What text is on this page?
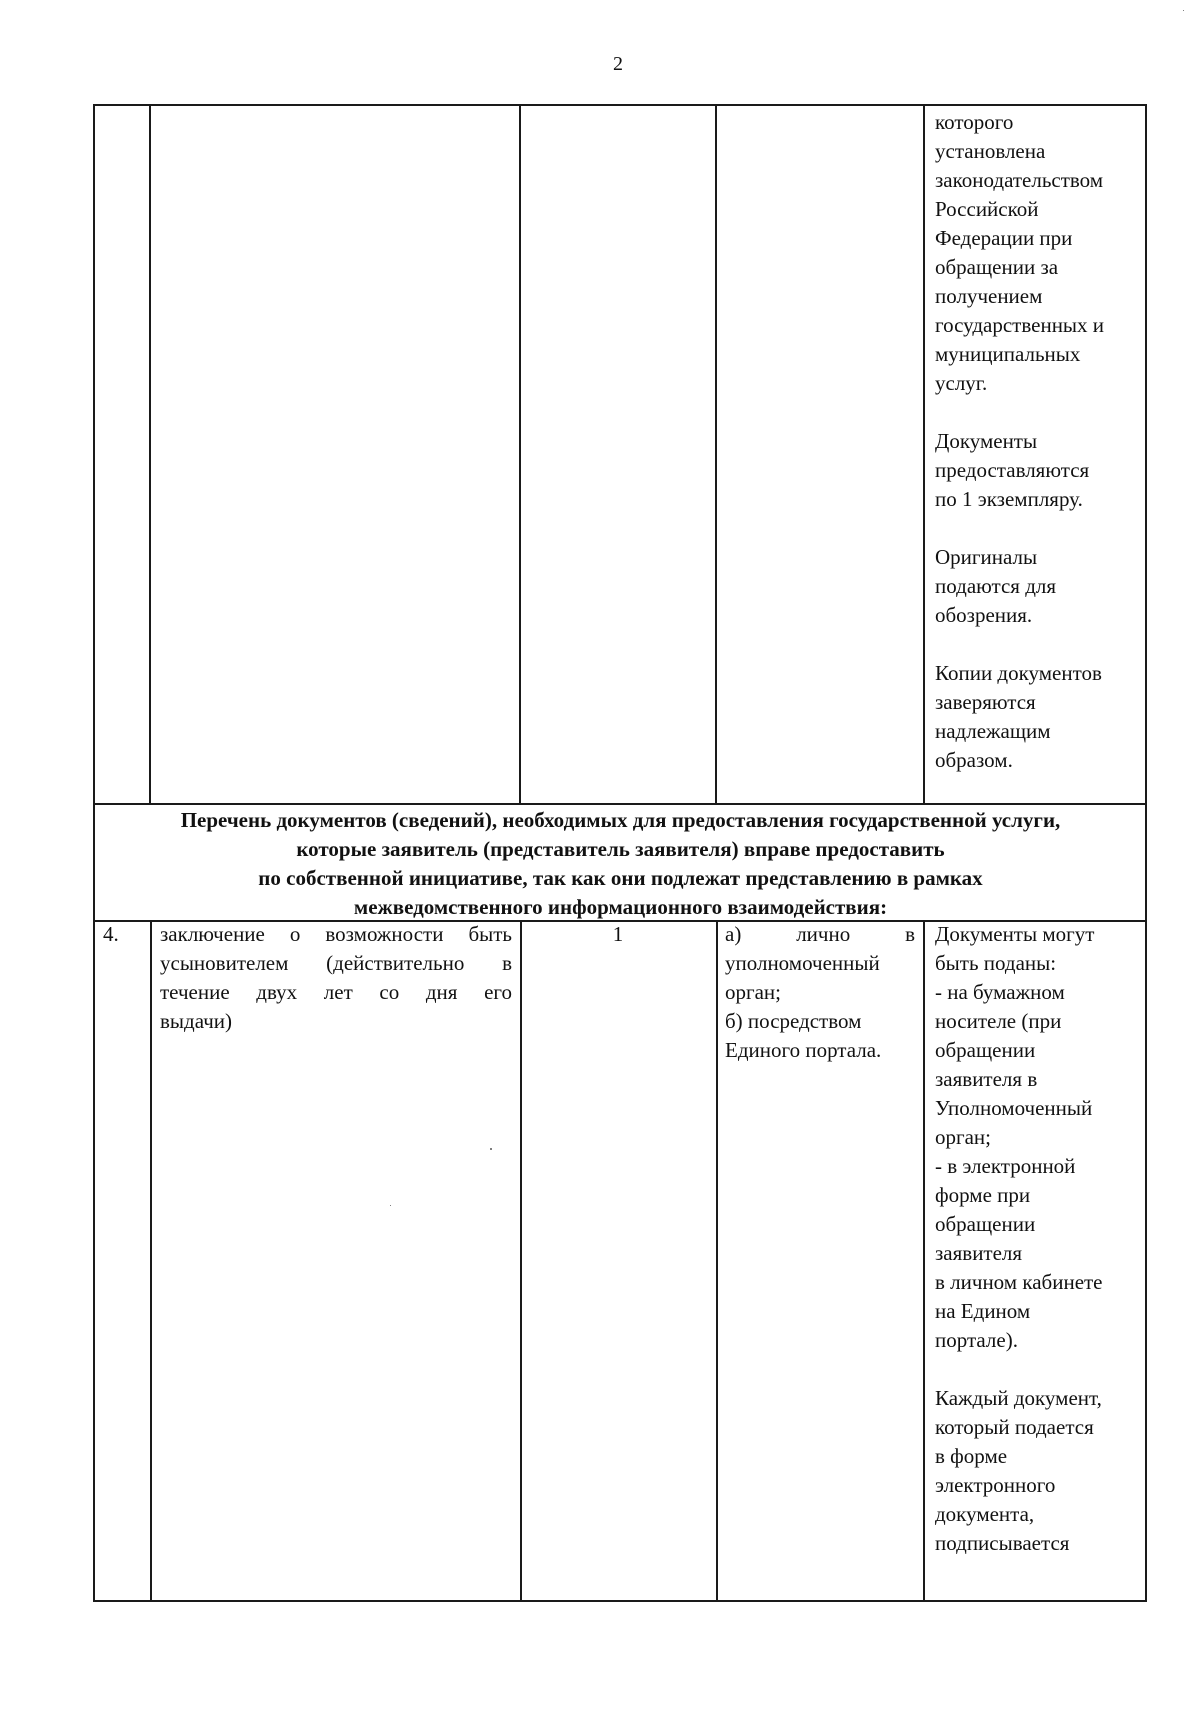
2
которого
установлена
законодательством
Российской
Федерации при
обращении за
получением
государственных и
муниципальных
услуг.
Документы
предоставляются
по 1 экземпляру.
Оригиналы
подаются для
обозрения.
Копии документов
заверяются
надлежащим
образом.
Перечень документов (сведений), необходимых для предоставления государственной услуги,
которые заявитель (представитель заявителя) вправе предоставить
по собственной инициативе, так как они подлежат представлению в рамках
межведомственного информационного взаимодействия:
4. заключение о возможности быть
усыновителем (действительно в
течение двух лет со дня его
выдачи)
1	а) лично в
уполномоченный
орган;
б) посредством
Единого портала.
Документы могут
быть поданы:
- на бумажном
носителе (при
обращении
заявителя в
Уполномоченный
орган;
- в электронной
форме при
обращении
заявителя
в личном кабинете
на Едином
портале).
Каждый документ,
который подается
в форме
электронного
документа,
подписывается
